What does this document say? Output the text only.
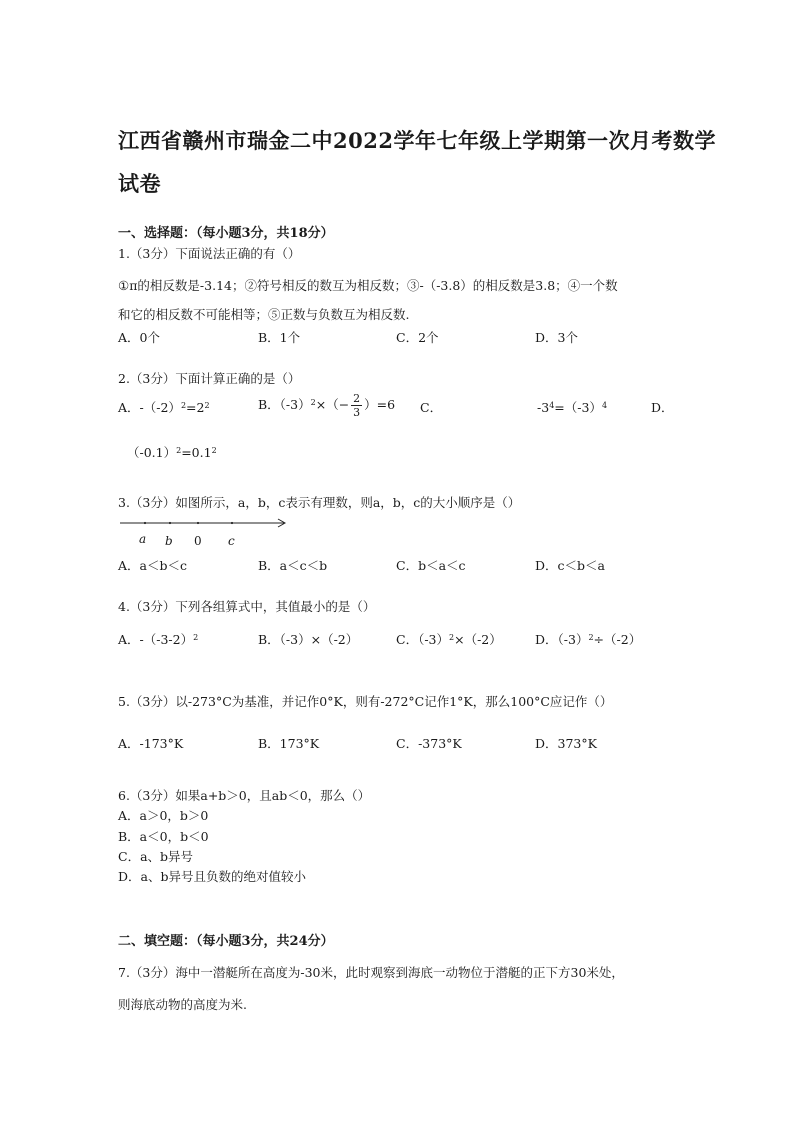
江西省赣州市瑞金二中2022学年七年级上学期第一次月考数学
试卷
一、选择题：（每小题3分，共18分）
1.（3分）下面说法正确的有（）
①π的相反数是-3.14；②符号相反的数互为相反数；③-（-3.8）的相反数是3.8；④一个数
和它的相反数不可能相等；⑤正数与负数互为相反数.
A．0个	B．1个	C．2个	D．3个
2.（3分）下面计算正确的是（）
A．$-(-2)^2=2^2$	B．$(-3)^2\times(- \frac{2}{3} )=6$ C．	$-3^4=(-3)^4$	D．
$(-0.1)^2=0.1^2$
3.（3分）如图所示，a，b，c表示有理数，则a，b，c的大小顺序是（）
a b 0 c
A．a＜b＜c	B．a＜c＜b	C．b＜a＜c	D．c＜b＜a
4.（3分）下列各组算式中，其值最小的是（）
A．$-(-3-2)^2$	B．（-3）×（-2）	C．$(-3)^2\times(-2)$	D．$(-3)^2\div(-2)$
5.（3分）以-273°C为基准，并记作0°K，则有-272°C记作1°K，那么100°C应记作（）
A．-173°K	B．173°K	C．-373°K	D．373°K
6.（3分）如果a+b＞0，且ab＜0，那么（）
A．a＞0，b＞0
B．a＜0，b＜0
C．a、b异号
D．a、b异号且负数的绝对值较小
二、填空题：（每小题3分，共24分）
7.（3分）海中一潜艇所在高度为-30米，此时观察到海底一动物位于潜艇的正下方30米处，
则海底动物的高度为米.
